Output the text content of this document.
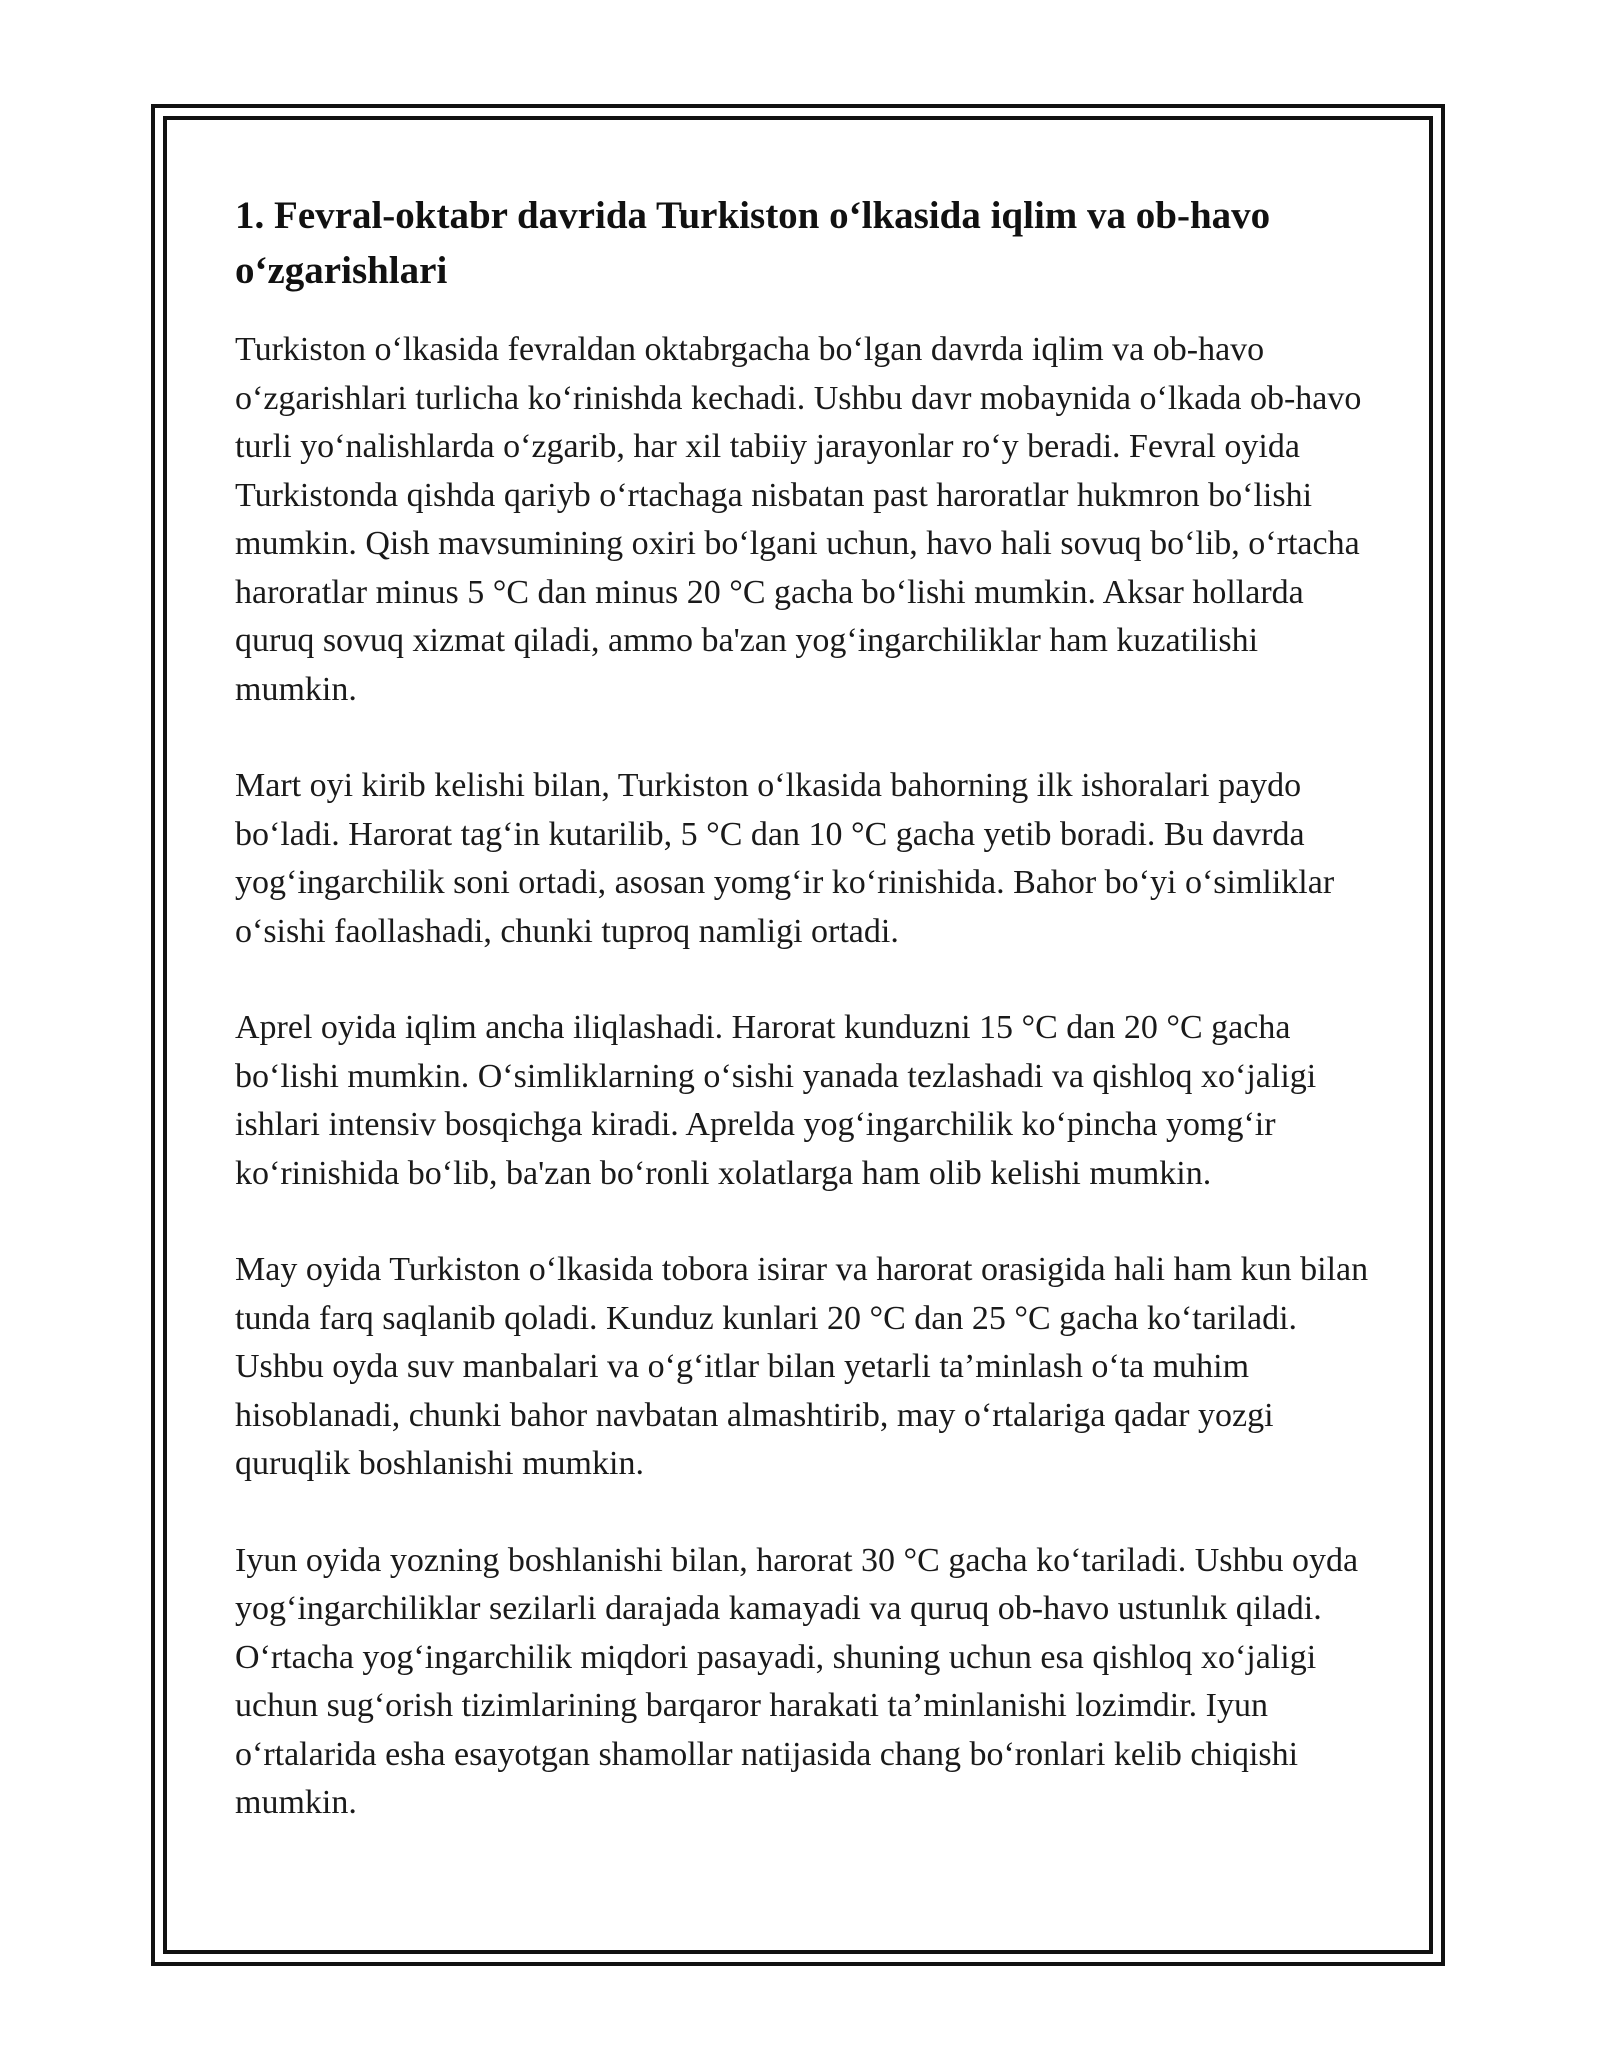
1. Fevral-oktabr davrida Turkiston o‘lkasida iqlim va ob-havo o‘zgarishlari

Turkiston o‘lkasida fevraldan oktabrgacha bo‘lgan davrda iqlim va ob-havo o‘zgarishlari turlicha ko‘rinishda kechadi. Ushbu davr mobaynida o‘lkada ob-havo turli yo‘nalishlarda o‘zgarib, har xil tabiiy jarayonlar ro‘y beradi. Fevral oyida Turkistonda qishda qariyb o‘rtachaga nisbatan past haroratlar hukmron bo‘lishi mumkin. Qish mavsumining oxiri bo‘lgani uchun, havo hali sovuq bo‘lib, o‘rtacha haroratlar minus 5 °C dan minus 20 °C gacha bo‘lishi mumkin. Aksar hollarda quruq sovuq xizmat qiladi, ammo ba'zan yog‘ingarchiliklar ham kuzatilishi mumkin.

Mart oyi kirib kelishi bilan, Turkiston o‘lkasida bahorning ilk ishoralari paydo bo‘ladi. Harorat tag‘in kutarilib, 5 °C dan 10 °C gacha yetib boradi. Bu davrda yog‘ingarchilik soni ortadi, asosan yomg‘ir ko‘rinishida. Bahor bo‘yi o‘simliklar o‘sishi faollashadi, chunki tuproq namligi ortadi.

Aprel oyida iqlim ancha iliqlashadi. Harorat kunduzni 15 °C dan 20 °C gacha bo‘lishi mumkin. O‘simliklarning o‘sishi yanada tezlashadi va qishloq xo‘jaligi ishlari intensiv bosqichga kiradi. Aprelda yog‘ingarchilik ko‘pincha yomg‘ir ko‘rinishida bo‘lib, ba'zan bo‘ronli xolatlarga ham olib kelishi mumkin.

May oyida Turkiston o‘lkasida tobora isirar va harorat orasigida hali ham kun bilan tunda farq saqlanib qoladi. Kunduz kunlari 20 °C dan 25 °C gacha ko‘tariladi. Ushbu oyda suv manbalari va o‘g‘itlar bilan yetarli ta’minlash o‘ta muhim hisoblanadi, chunki bahor navbatan almashtirib, may o‘rtalariga qadar yozgi quruqlik boshlanishi mumkin.

Iyun oyida yozning boshlanishi bilan, harorat 30 °C gacha ko‘tariladi. Ushbu oyda yog‘ingarchiliklar sezilarli darajada kamayadi va quruq ob-havo ustunlık qiladi. O‘rtacha yog‘ingarchilik miqdori pasayadi, shuning uchun esa qishloq xo‘jaligi uchun sug‘orish tizimlarining barqaror harakati ta’minlanishi lozimdir. Iyun o‘rtalarida esha esayotgan shamollar natijasida chang bo‘ronlari kelib chiqishi mumkin.
